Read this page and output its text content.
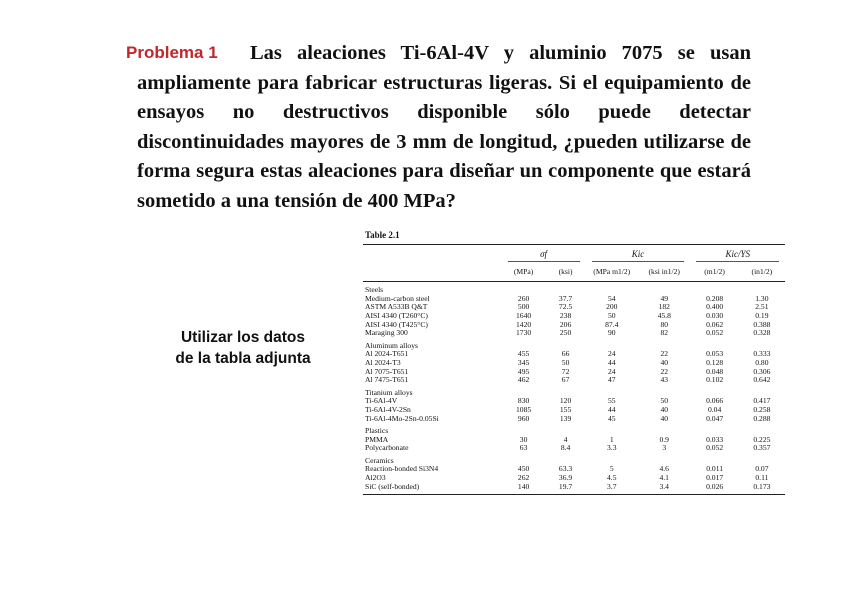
Problema 1	Las aleaciones Ti-6Al-4V y aluminio 7075 se usan ampliamente para fabricar estructuras ligeras. Si el equipamiento de ensayos no destructivos disponible sólo puede detectar discontinuidades mayores de 3 mm de longitud, ¿pueden utilizarse de forma segura estas aleaciones para diseñar un componente que estará sometido a una tensión de 400 MPa?
Utilizar los datos
de la tabla adjunta
Table 2.1

	σf		Kic		Kic/YS	

	(MPa)	(ksi)	(MPa m1/2)	(ksi in1/2)	(m1/2)	(in1/2)
Steels						
Medium-carbon steel	260	37.7	54	49	0.208	1.30
ASTM A533B Q&T	500	72.5	200	182	0.400	2.51
AISI 4340 (T260°C)	1640	238	50	45.8	0.030	0.19
AISI 4340 (T425°C)	1420	206	87.4	80	0.062	0.388
Maraging 300	1730	250	90	82	0.052	0.328
Aluminum alloys						
Al 2024-T651	455	66	24	22	0.053	0.333
Al 2024-T3	345	50	44	40	0.128	0.80
Al 7075-T651	495	72	24	22	0.048	0.306
Al 7475-T651	462	67	47	43	0.102	0.642
Titanium alloys						
Ti-6Al-4V	830	120	55	50	0.066	0.417
Ti-6Al-4V-2Sn	1085	155	44	40	0.04	0.258
Ti-6Al-4Mo-2Sn-0.05Si	960	139	45	40	0.047	0.288
Plastics						
PMMA	30	4	1	0.9	0.033	0.225
Polycarbonate	63	8.4	3.3	3	0.052	0.357
Ceramics						
Reaction-bonded Si3N4	450	63.3	5	4.6	0.011	0.07
Al2O3	262	36.9	4.5	4.1	0.017	0.11
SiC (self-bonded)	140	19.7	3.7	3.4	0.026	0.173
